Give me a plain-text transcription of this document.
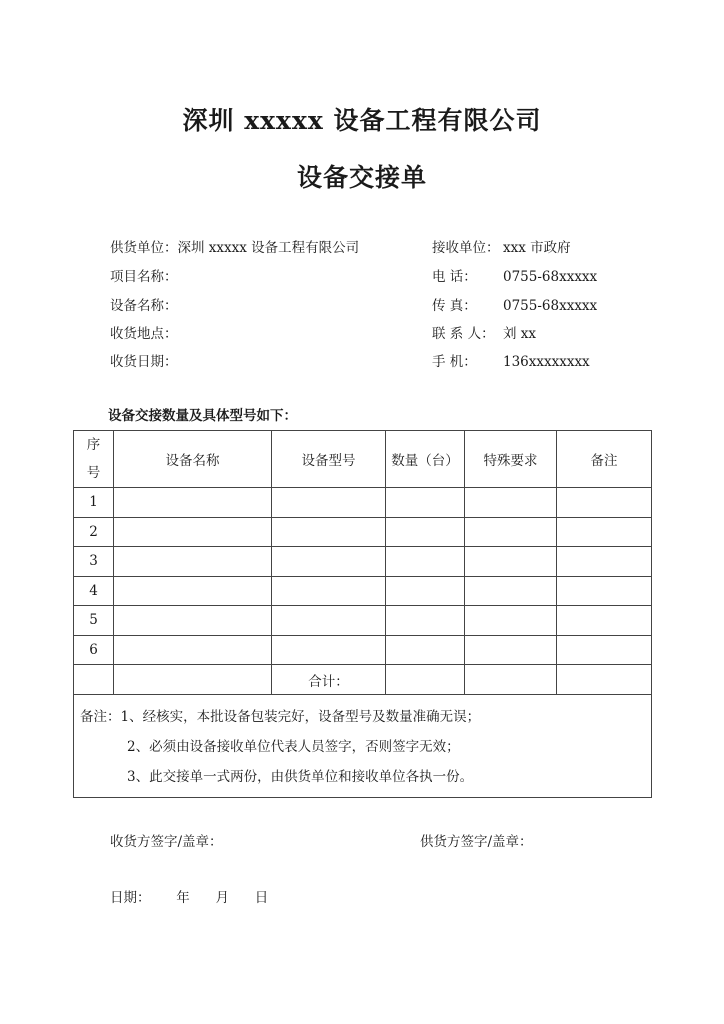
深圳 xxxxx 设备工程有限公司
设备交接单
供货单位：深圳 xxxxx 设备工程有限公司
项目名称：
设备名称：
收货地点：
收货日期：
接收单位： xxx 市政府
电 话： 0755-68xxxxx
传 真： 0755-68xxxxx
联 系 人： 刘 xx
手 机： 136xxxxxxxx
设备交接数量及具体型号如下：
序号	设备名称	设备型号	数量（台）	特殊要求	备注
1					
2					
3					
4					
5					
6					
		合计：			

备注：1、经核实，本批设备包装完好，设备型号及数量准确无误；
2、必须由设备接收单位代表人员签字，否则签字无效；
3、此交接单一式两份，由供货单位和接收单位各执一份。					
收货方签字/盖章：	供货方签字/盖章：
日期：      年      月      日
